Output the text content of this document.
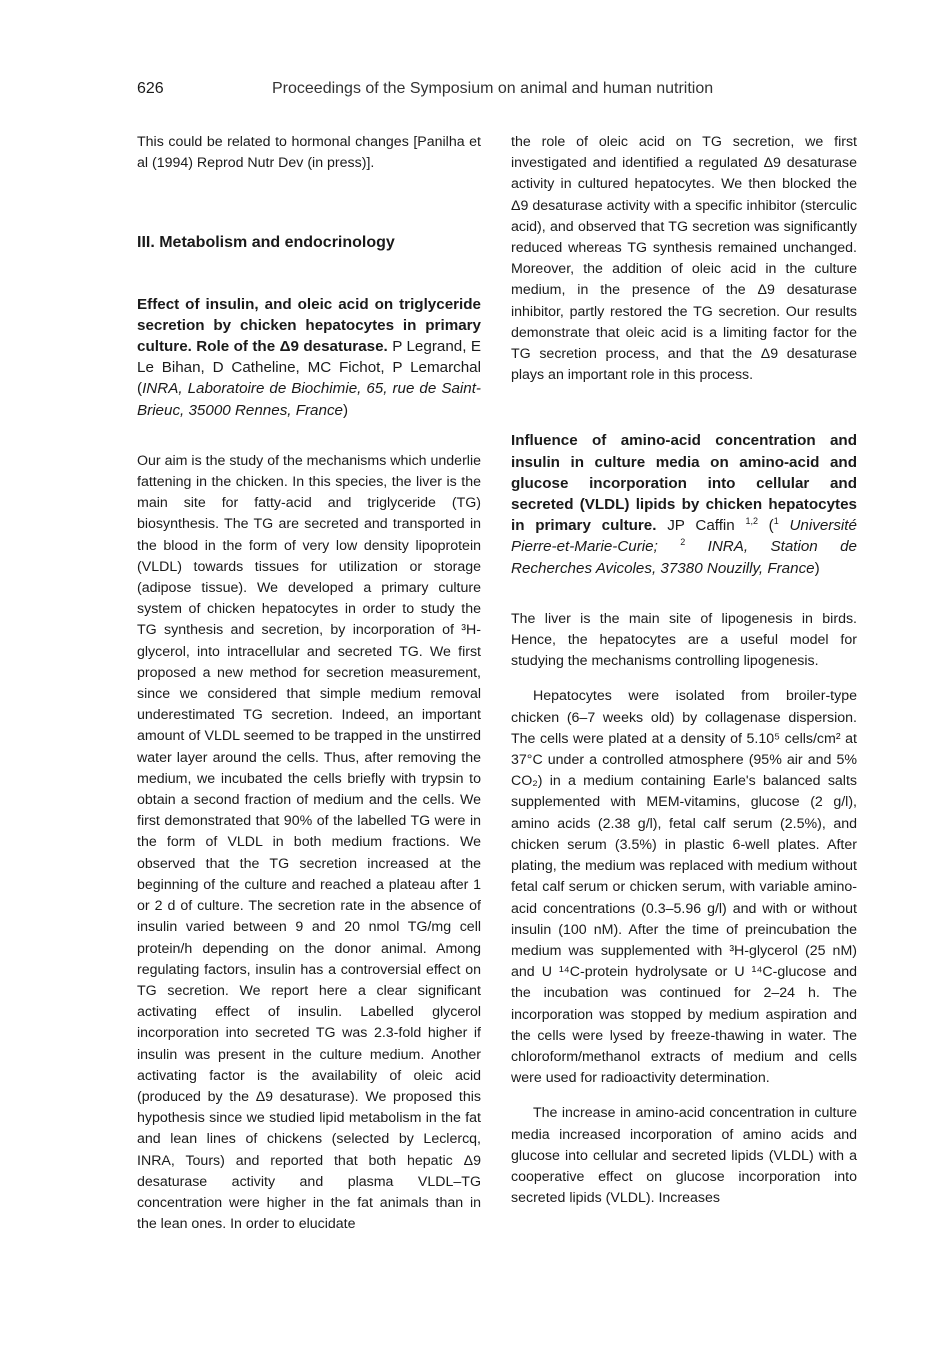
626	Proceedings of the Symposium on animal and human nutrition

This could be related to hormonal changes [Panilha et al (1994) Reprod Nutr Dev (in press)].

III. Metabolism and endocrinology
Effect of insulin, and oleic acid on triglyceride secretion by chicken hepatocytes in primary culture. Role of the Δ9 desaturase. P Legrand, E Le Bihan, D Catheline, MC Fichot, P Lemarchal (INRA, Laboratoire de Biochimie, 65, rue de Saint-Brieuc, 35000 Rennes, France)

Our aim is the study of the mechanisms which underlie fattening in the chicken. In this species, the liver is the main site for fatty-acid and triglyceride (TG) biosynthesis. The TG are secreted and transported in the blood in the form of very low density lipoprotein (VLDL) towards tissues for utilization or storage (adipose tissue). We developed a primary culture system of chicken hepatocytes in order to study the TG synthesis and secretion, by incorporation of ³H-glycerol, into intracellular and secreted TG. We first proposed a new method for secretion measurement, since we considered that simple medium removal underestimated TG secretion. Indeed, an important amount of VLDL seemed to be trapped in the unstirred water layer around the cells. Thus, after removing the medium, we incubated the cells briefly with trypsin to obtain a second fraction of medium and the cells. We first demonstrated that 90% of the labelled TG were in the form of VLDL in both medium fractions. We observed that the TG secretion increased at the beginning of the culture and reached a plateau after 1 or 2 d of culture. The secretion rate in the absence of insulin varied between 9 and 20 nmol TG/mg cell protein/h depending on the donor animal. Among regulating factors, insulin has a controversial effect on TG secretion. We report here a clear significant activating effect of insulin. Labelled glycerol incorporation into secreted TG was 2.3-fold higher if insulin was present in the culture medium. Another activating factor is the availability of oleic acid (produced by the Δ9 desaturase). We proposed this hypothesis since we studied lipid metabolism in the fat and lean lines of chickens (selected by Leclercq, INRA, Tours) and reported that both hepatic Δ9 desaturase activity and plasma VLDL–TG concentration were higher in the fat animals than in the lean ones. In order to elucidate

the role of oleic acid on TG secretion, we first investigated and identified a regulated Δ9 desaturase activity in cultured hepatocytes. We then blocked the Δ9 desaturase activity with a specific inhibitor (sterculic acid), and observed that TG secretion was significantly reduced whereas TG synthesis remained unchanged. Moreover, the addition of oleic acid in the culture medium, in the presence of the Δ9 desaturase inhibitor, partly restored the TG secretion. Our results demonstrate that oleic acid is a limiting factor for the TG secretion process, and that the Δ9 desaturase plays an important role in this process.

Influence of amino-acid concentration and insulin in culture media on amino-acid and glucose incorporation into cellular and secreted (VLDL) lipids by chicken hepatocytes in primary culture. JP Caffin $^{1,2}$ ($^1$ Université Pierre-et-Marie-Curie; $^2$ INRA, Station de Recherches Avicoles, 37380 Nouzilly, France)

The liver is the main site of lipogenesis in birds. Hence, the hepatocytes are a useful model for studying the mechanisms controlling lipogenesis.

Hepatocytes were isolated from broiler-type chicken (6–7 weeks old) by collagenase dispersion. The cells were plated at a density of 5.10⁵ cells/cm² at 37°C under a controlled atmosphere (95% air and 5% CO₂) in a medium containing Earle's balanced salts supplemented with MEM-vitamins, glucose (2 g/l), amino acids (2.38 g/l), fetal calf serum (2.5%), and chicken serum (3.5%) in plastic 6-well plates. After plating, the medium was replaced with medium without fetal calf serum or chicken serum, with variable amino-acid concentrations (0.3–5.96 g/l) and with or without insulin (100 nM). After the time of preincubation the medium was supplemented with ³H-glycerol (25 nM) and U ¹⁴C-protein hydrolysate or U ¹⁴C-glucose and the incubation was continued for 2–24 h. The incorporation was stopped by medium aspiration and the cells were lysed by freeze-thawing in water. The chloroform/methanol extracts of medium and cells were used for radioactivity determination.

The increase in amino-acid concentration in culture media increased incorporation of amino acids and glucose into cellular and secreted lipids (VLDL) with a cooperative effect on glucose incorporation into secreted lipids (VLDL). Increases
